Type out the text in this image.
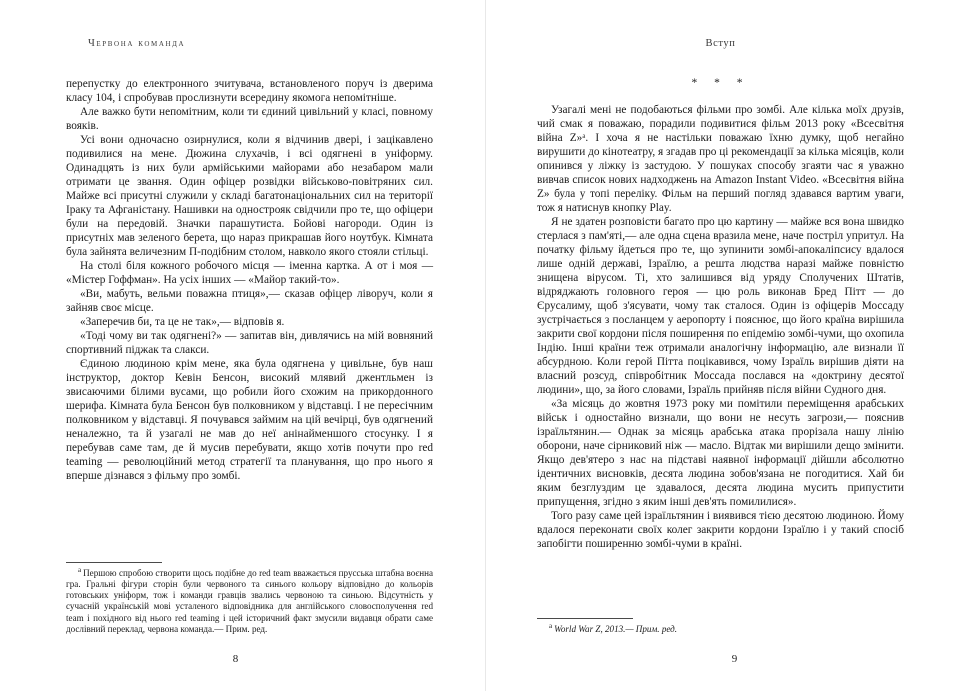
Червона команда

перепустку до електронного зчитувача, встановленого поруч із дверима класу 104, і спробував прослизнути всередину якомога непомітніше.

Але важко бути непомітним, коли ти єдиний цивільний у класі, повному вояків.

Усі вони одночасно озирнулися, коли я відчинив двері, і зацікавлено подивилися на мене. Дюжина слухачів, і всі одягнені в уніформу. Одинадцять із них були армійськими майорами або незабаром мали отримати це звання. Один офіцер розвідки військово-повітряних сил. Майже всі присутні служили у складі багатонаціональних сил на території Іраку та Афганістану. Нашивки на однострояк свідчили про те, що офіцери були на передовій. Значки парашутиста. Бойові нагороди. Один із присутніх мав зеленого берета, що нараз прикрашав його ноутбук. Кімната була зайнята величезним П-подібним столом, навколо якого стояли стільці.

На столі біля кожного робочого місця — іменна картка. А от і моя — «Містер Гоффман». На усіх інших — «Майор такий-то».

«Ви, мабуть, вельми поважна птиця»,— сказав офіцер ліворуч, коли я зайняв своє місце.

«Заперечив би, та це не так»,— відповів я.

«Тоді чому ви так одягнені?» — запитав він, дивлячись на мій вовняний спортивний піджак та слакси.

Єдиною людиною крім мене, яка була одягнена у цивільне, був наш інструктор, доктор Кевін Бенсон, високий млявий джентльмен із звисаючими білими вусами, що робили його схожим на прикордонного шерифа. Кімната була Бенсон був полковником у відставці. І не пересічним полковником у відставці. Я почувався займим на цій вечірці, був одягнений неналежно, та й узагалі не мав до неї анінайменшого стосунку. І я перебував саме там, де й мусив перебувати, якщо хотів почути про red teaming — революційний метод стратегії та планування, що про нього я вперше дізнався з фільму про зомбі.

$^a$ Першою спробою створити щось подібне до red team вважається прусська штабна воєнна гра. Гральні фігури сторін були червоного та синього кольору відповідно до кольорів готовських уніформ, тож і команди гравців звались червоною та синьою. Відсутність у сучасній українській мові усталеного відповідника для англійського словосполучення red team і похідного від нього red teaming і цей історичний факт змусили видавця обрати саме дослівний переклад, червона команда.— Прим. ред.

8
Вступ
* * *

Узагалі мені не подобаються фільми про зомбі. Але кілька моїх друзів, чий смак я поважаю, порадили подивитися фільм 2013 року «Всесвітня війна Z»ᵃ. І хоча я не настільки поважаю їхню думку, щоб негайно вирушити до кінотеатру, я згадав про ці рекомендації за кілька місяців, коли опинився у ліжку із застудою. У пошуках способу згаяти час я уважно вивчав список нових надходжень на Amazon Instant Video. «Всесвітня війна Z» була у топі переліку. Фільм на перший погляд здавався вартим уваги, тож я натиснув кнопку Play.

Я не здатен розповісти багато про цю картину — майже вся вона швидко стерлася з пам'яті,— але одна сцена вразила мене, наче постріл упритул. На початку фільму йдеться про те, що зупинити зомбі-апокаліпсису вдалося лише одній державі, Ізраїлю, а решта людства наразі майже повністю знищена вірусом. Ті, хто залишився від уряду Сполучених Штатів, відряджають головного героя — цю роль виконав Бред Пітт — до Єрусалиму, щоб з'ясувати, чому так сталося. Один із офіцерів Моссаду зустрічається з посланцем у аеропорту і пояснює, що його країна вирішила закрити свої кордони після поширення по епідемію зомбі-чуми, що охопила Індію. Інші країни теж отримали аналогічну інформацію, але визнали її абсурдною. Коли герой Пітта поцікавився, чому Ізраїль вирішив діяти на власний розсуд, співробітник Моссада послався на «доктрину десятої людини», що, за його словами, Ізраїль прийняв після війни Судного дня.

«За місяць до жовтня 1973 року ми помітили переміщення арабських військ і одностайно визнали, що вони не несуть загрози,— пояснив ізраїльтянин.— Однак за місяць арабська атака прорізала нашу лінію оборони, наче сірниковий ніж — масло. Відтак ми вирішили дещо змінити. Якщо дев'ятеро з нас на підставі наявної інформації дійшли абсолютно ідентичних висновків, десята людина зобов'язана не погодитися. Хай би яким безглуздим це здавалося, десята людина мусить припустити припущення, згідно з яким інші дев'ять помилилися».

Того разу саме цей ізраїльтянин і виявився тією десятою людиною. Йому вдалося переконати своїх колег закрити кордони Ізраїлю і у такий спосіб запобігти поширенню зомбі-чуми в країні.

$^a$ World War Z, 2013.— Прим. ред.

9
